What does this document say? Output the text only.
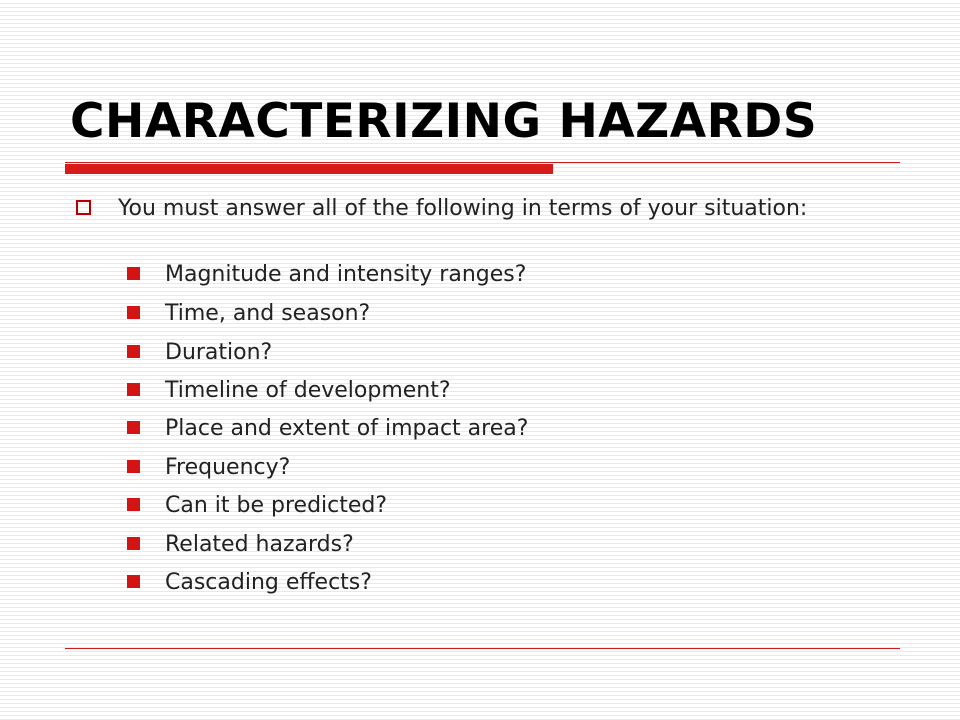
CHARACTERIZING HAZARDS
You must answer all of the following in terms of your situation:
Magnitude and intensity ranges?
Time, and season?
Duration?
Timeline of development?
Place and extent of impact area?
Frequency?
Can it be predicted?
Related hazards?
Cascading effects?
